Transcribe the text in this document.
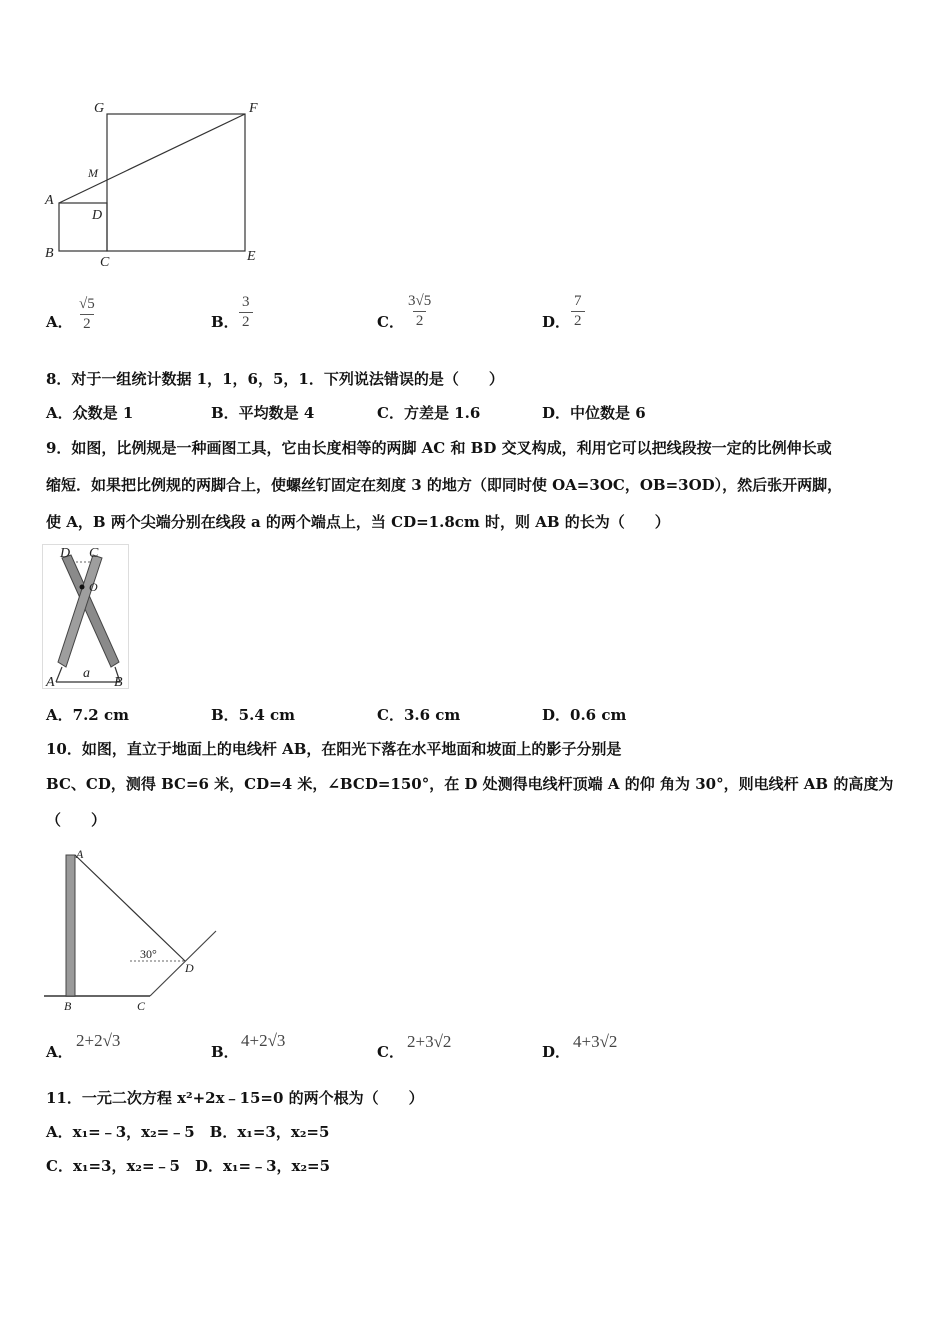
G	F
M
A
D
B
C	E
A． $\frac{√5}{2}$	B． $\frac{3}{2}$	C． $\frac{3√5}{2}$	D． $\frac{7}{2}$
8．对于一组统计数据 1，1，6，5，1．下列说法错误的是（　　）
A．众数是 1	B．平均数是 4	C．方差是 1.6	D．中位数是 6
9．如图，比例规是一种画图工具，它由长度相等的两脚 AC 和 BD 交叉构成，利用它可以把线段按一定的比例伸长或
缩短．如果把比例规的两脚合上，使螺丝钉固定在刻度 3 的地方（即同时使 OA=3OC，OB=3OD），然后张开两脚，
使 A，B 两个尖端分别在线段 a 的两个端点上，当 CD=1.8cm 时，则 AB 的长为（　　）
D C
O
a
A	B
A．7.2 cm	B．5.4 cm	C．3.6 cm	D．0.6 cm
10．如图，直立于地面上的电线杆 AB，在阳光下落在水平地面和坡面上的影子分别是
BC、CD，测得 BC=6 米，CD=4 米，∠BCD=150°，在 D 处测得电线杆顶端 A 的仰 角为 30°，则电线杆 AB 的高度为
（　　）
A
30°
D
B	C
A．
2+2√3
B．
4+2√3
C．
2+3√2
D．
4+3√2
11．一元二次方程 x²+2x﹣15=0 的两个根为（　　）
A．x₁=﹣3，x₂=﹣5　B．x₁=3，x₂=5
C．x₁=3，x₂=﹣5　D．x₁=﹣3，x₂=5
